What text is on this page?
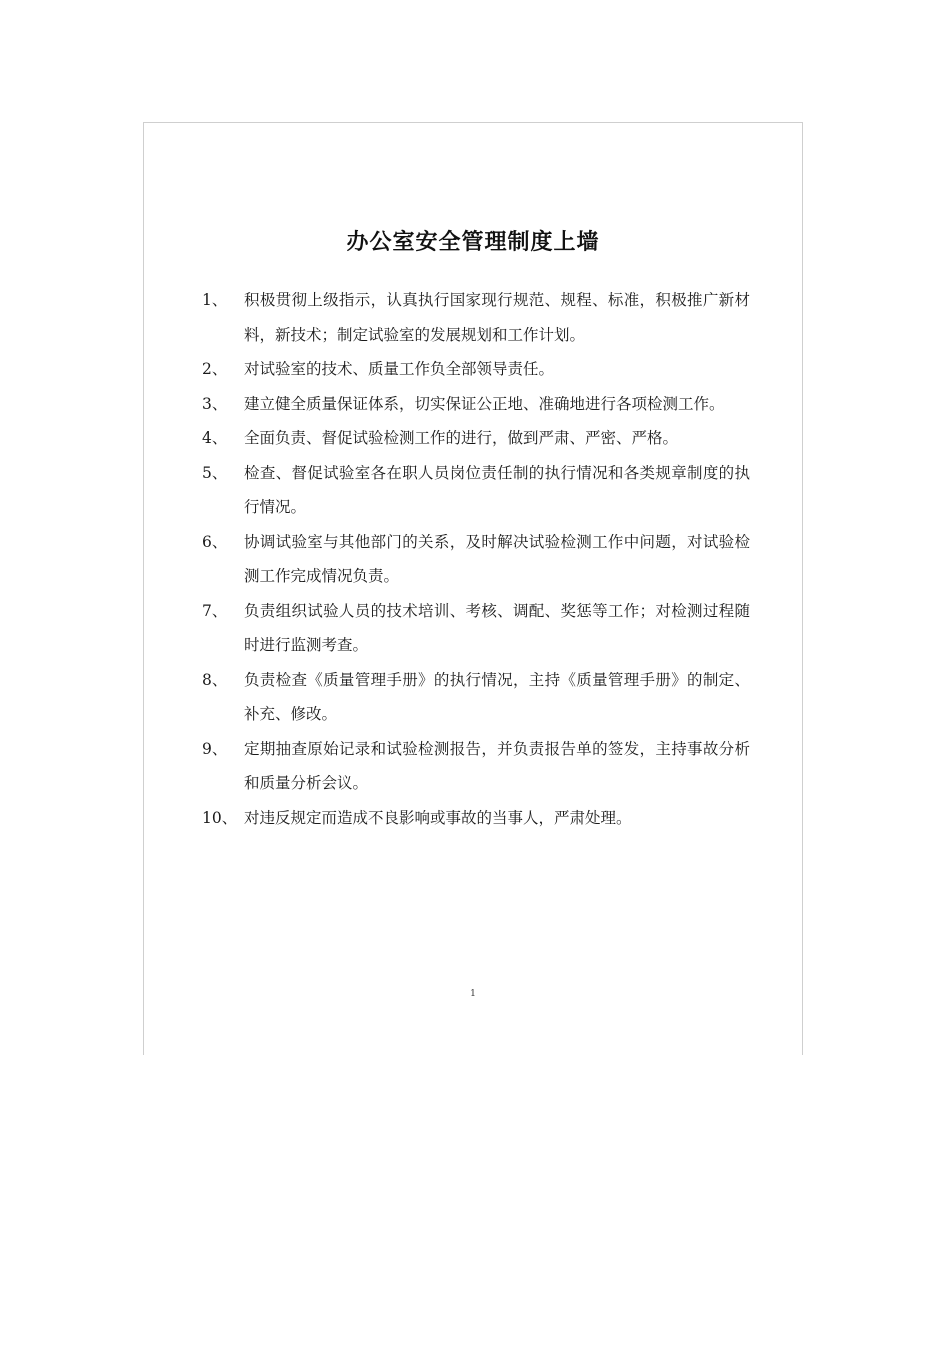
办公室安全管理制度上墙
1、	积极贯彻上级指示，认真执行国家现行规范、规程、标准，积极推广新材料，新技术；制定试验室的发展规划和工作计划。
2、	对试验室的技术、质量工作负全部领导责任。
3、	建立健全质量保证体系，切实保证公正地、准确地进行各项检测工作。
4、	全面负责、督促试验检测工作的进行，做到严肃、严密、严格。
5、	检查、督促试验室各在职人员岗位责任制的执行情况和各类规章制度的执行情况。
6、	协调试验室与其他部门的关系，及时解决试验检测工作中问题，对试验检测工作完成情况负责。
7、	负责组织试验人员的技术培训、考核、调配、奖惩等工作；对检测过程随时进行监测考查。
8、	负责检查《质量管理手册》的执行情况，主持《质量管理手册》的制定、补充、修改。
9、	定期抽查原始记录和试验检测报告，并负责报告单的签发，主持事故分析和质量分析会议。
10、 对违反规定而造成不良影响或事故的当事人，严肃处理。
1
